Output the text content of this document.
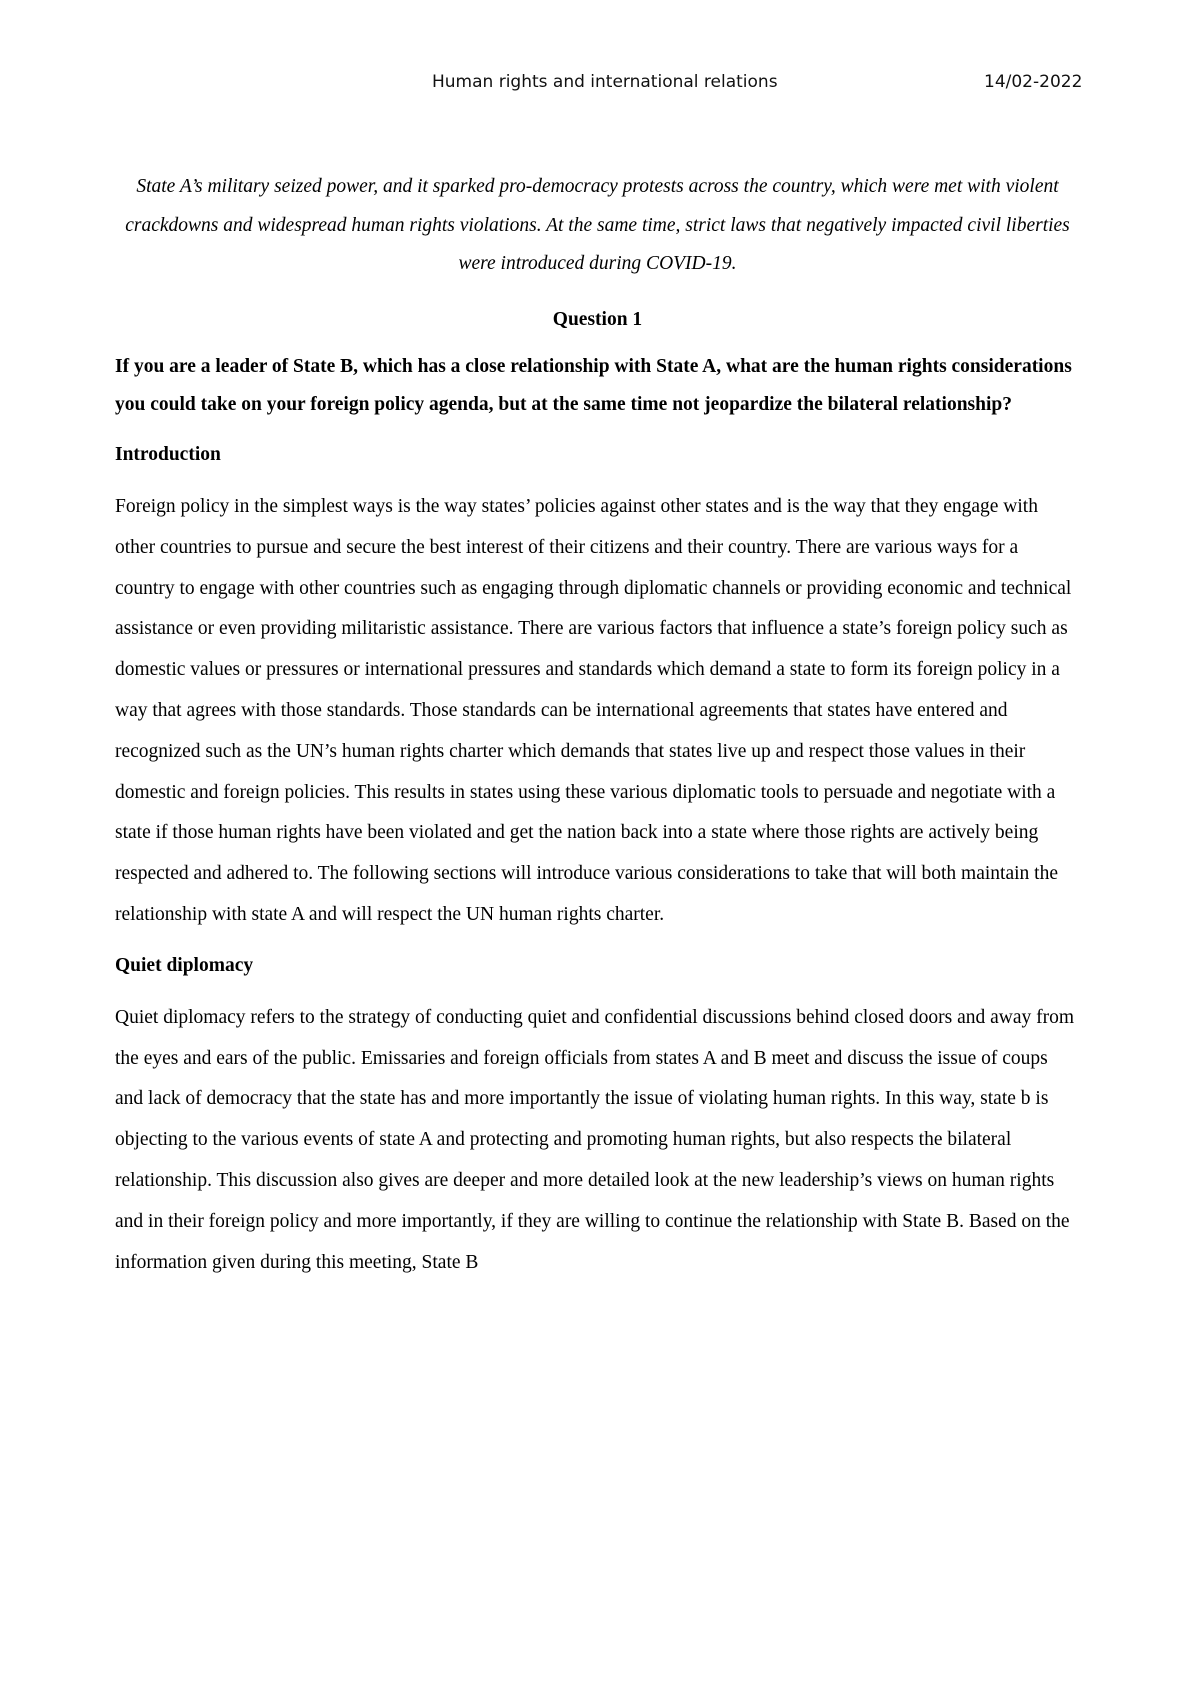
Human rights and international relations	14/02-2022

State A’s military seized power, and it sparked pro-democracy protests across the country, which were met with violent crackdowns and widespread human rights violations. At the same time, strict laws that negatively impacted civil liberties were introduced during COVID-19.

Question 1

If you are a leader of State B, which has a close relationship with State A, what are the human rights considerations you could take on your foreign policy agenda, but at the same time not jeopardize the bilateral relationship?

Introduction

Foreign policy in the simplest ways is the way states’ policies against other states and is the way that they engage with other countries to pursue and secure the best interest of their citizens and their country. There are various ways for a country to engage with other countries such as engaging through diplomatic channels or providing economic and technical assistance or even providing militaristic assistance. There are various factors that influence a state’s foreign policy such as domestic values or pressures or international pressures and standards which demand a state to form its foreign policy in a way that agrees with those standards. Those standards can be international agreements that states have entered and recognized such as the UN’s human rights charter which demands that states live up and respect those values in their domestic and foreign policies. This results in states using these various diplomatic tools to persuade and negotiate with a state if those human rights have been violated and get the nation back into a state where those rights are actively being respected and adhered to. The following sections will introduce various considerations to take that will both maintain the relationship with state A and will respect the UN human rights charter.

Quiet diplomacy

Quiet diplomacy refers to the strategy of conducting quiet and confidential discussions behind closed doors and away from the eyes and ears of the public. Emissaries and foreign officials from states A and B meet and discuss the issue of coups and lack of democracy that the state has and more importantly the issue of violating human rights. In this way, state b is objecting to the various events of state A and protecting and promoting human rights, but also respects the bilateral relationship. This discussion also gives are deeper and more detailed look at the new leadership’s views on human rights and in their foreign policy and more importantly, if they are willing to continue the relationship with State B. Based on the information given during this meeting, State B
